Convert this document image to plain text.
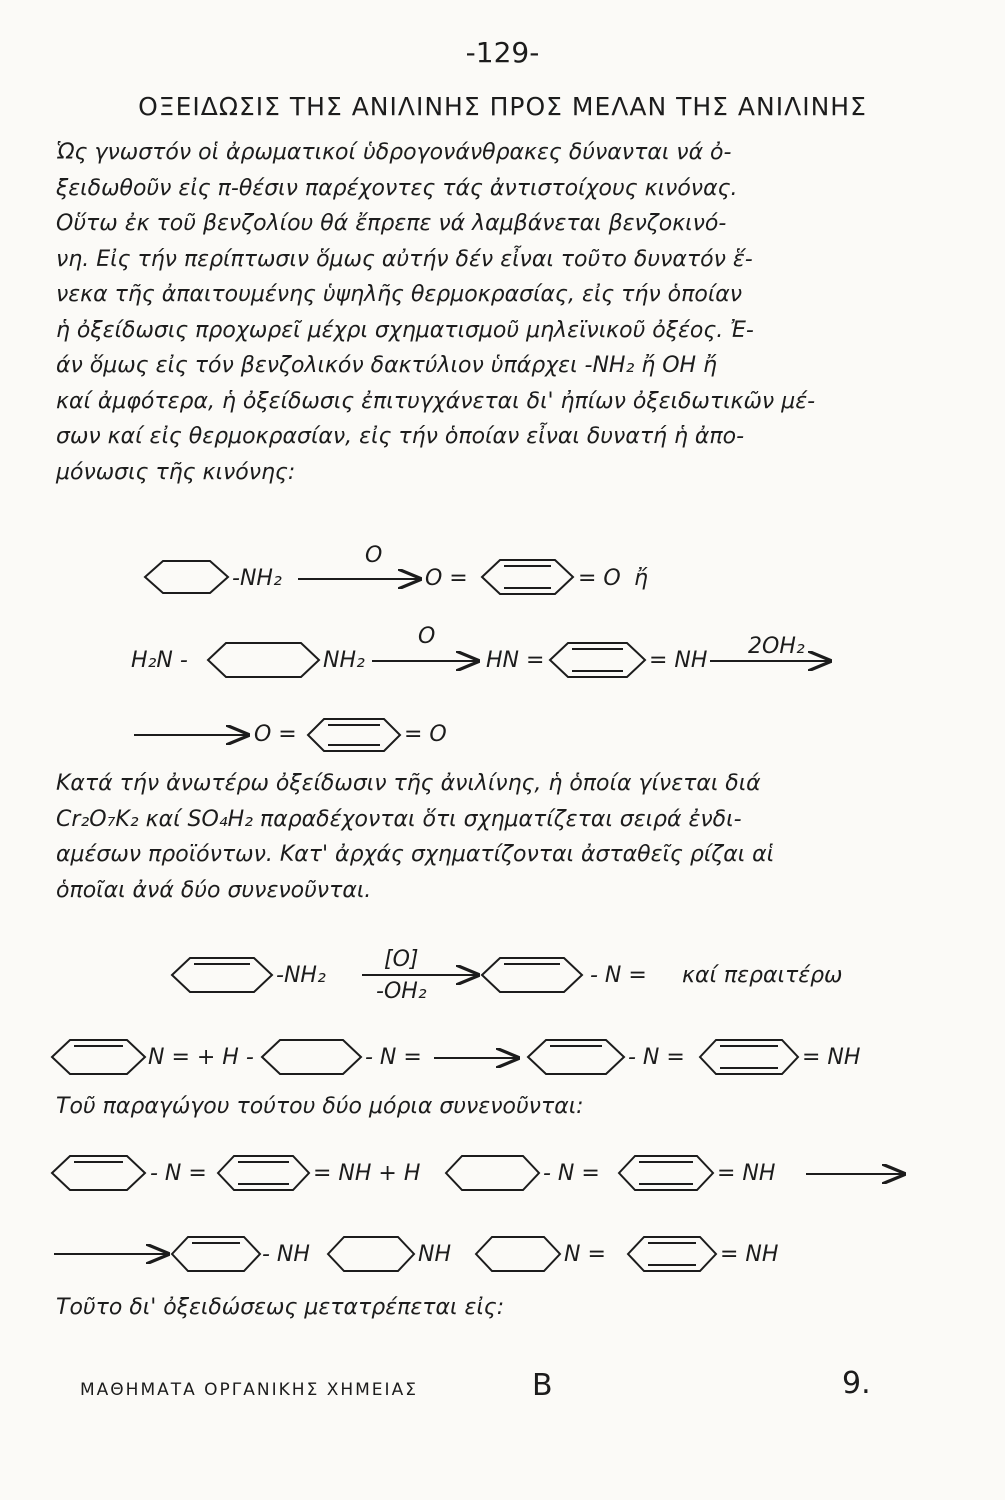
-129-
ΟΞΕΙΔΩΣΙΣ ΤΗΣ ΑΝΙΛΙΝΗΣ ΠΡΟΣ ΜΕΛΑΝ ΤΗΣ ΑΝΙΛΙΝΗΣ
Ὡς γνωστόν οἱ ἀρωματικοί ὑδρογονάνθρακες δύνανται νά ὀ-
ξειδωθοῦν εἰς π-θέσιν παρέχοντες τάς ἀντιστοίχους κινόνας.
Οὕτω ἐκ τοῦ βενζολίου θά ἔπρεπε νά λαμβάνεται βενζοκινό-
νη. Εἰς τήν περίπτωσιν ὅμως αὐτήν δέν εἶναι τοῦτο δυνατόν ἕ-
νεκα τῆς ἀπαιτουμένης ὑψηλῆς θερμοκρασίας, εἰς τήν ὁποίαν
ἡ ὀξείδωσις προχωρεῖ μέχρι σχηματισμοῦ μηλεϊνικοῦ ὀξέος. Ἐ-
άν ὅμως εἰς τόν βενζολικόν δακτύλιον ὑπάρχει -NH₂ ἤ OH ἤ
καί ἀμφότερα, ἡ ὀξείδωσις ἐπιτυγχάνεται δι' ἠπίων ὀξειδωτικῶν μέ-
σων καί εἰς θερμοκρασίαν, εἰς τήν ὁποίαν εἶναι δυνατή ἡ ἀπο-
μόνωσις τῆς κινόνης:
Κατά τήν ἀνωτέρω ὀξείδωσιν τῆς ἀνιλίνης, ἡ ὁποία γίνεται διά
Cr₂O₇K₂ καί SO₄H₂ παραδέχονται ὅτι σχηματίζεται σειρά ἐνδι-
αμέσων προϊόντων. Κατ' ἀρχάς σχηματίζονται ἀσταθεῖς ρίζαι αἱ
ὁποῖαι ἀνά δύο συνενοῦνται.
Τοῦ παραγώγου τούτου δύο μόρια συνενοῦνται:
Τοῦτο δι' ὀξειδώσεως μετατρέπεται εἰς:
-NH₂
O
O =	= O ἤ
H₂N -	NH₂
O
HN =	= NH
2OH₂
O =	= O
-NH₂
[O]
-OH₂
- N = καί περαιτέρω
N = + H -	- N =	- N =	= NH
- N =	= NH + H	- N =	= NH
- NH	NH	N =	= NH
ΜΑΘΗΜΑΤΑ ΟΡΓΑΝΙΚΗΣ ΧΗΜΕΙΑΣ	Β	9.
